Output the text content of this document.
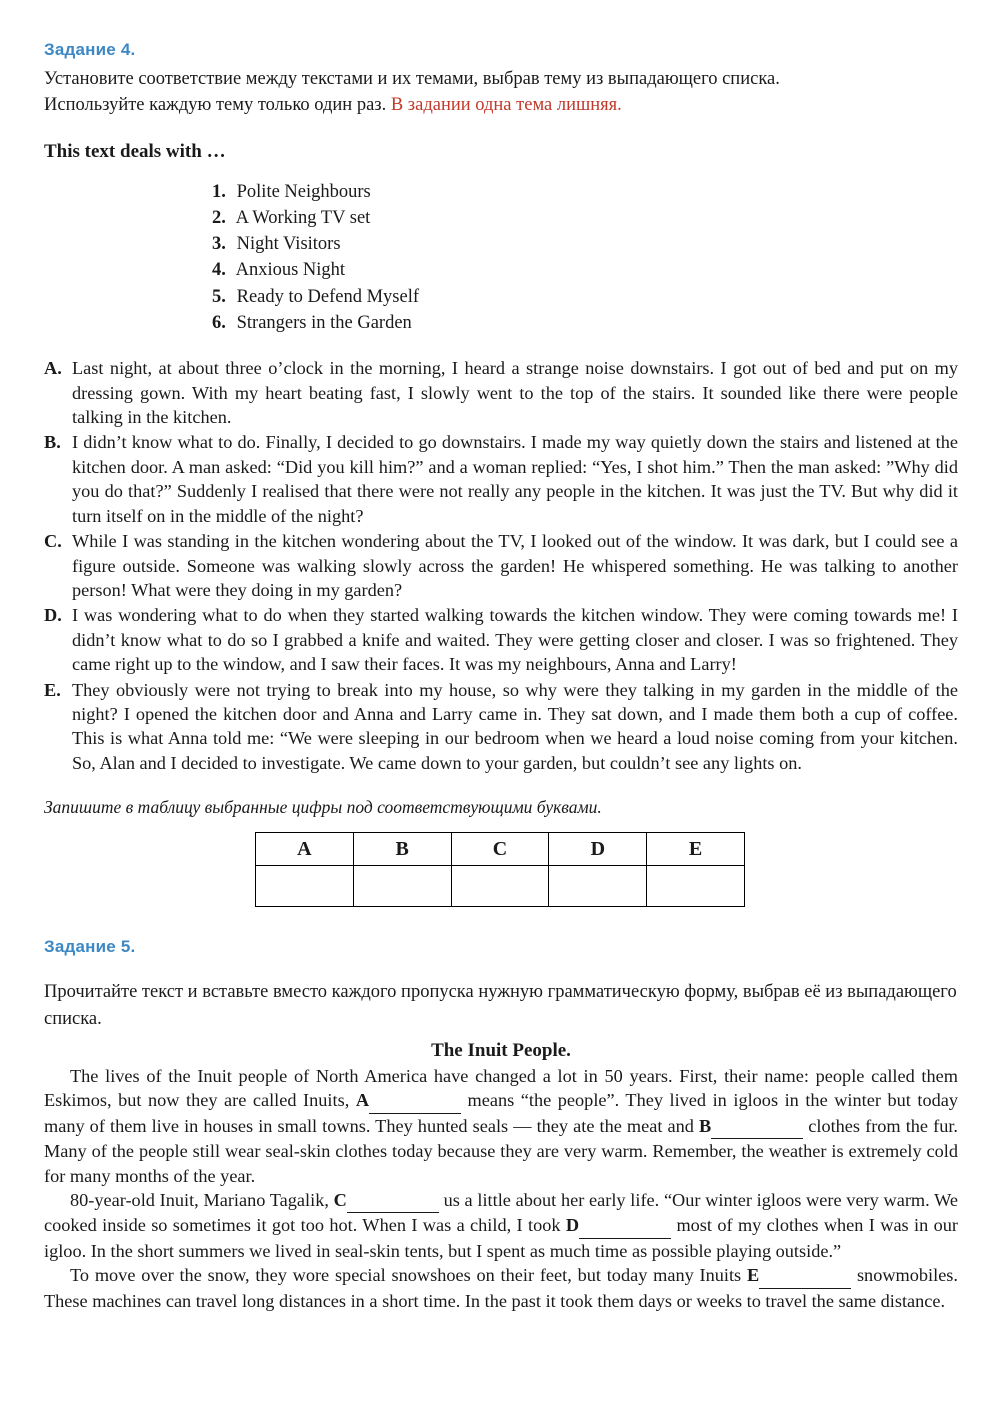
Задание 4.

Установите соответствие между текстами и их темами, выбрав тему из выпадающего списка.
Используйте каждую тему только один раз. В задании одна тема лишняя.

This text deals with …

1. Polite Neighbours
2. A Working TV set
3. Night Visitors
4. Anxious Night
5. Ready to Defend Myself
6. Strangers in the Garden
A. Last night, at about three o’clock in the morning, I heard a strange noise downstairs. I got out of bed and put on my dressing gown. With my heart beating fast, I slowly went to the top of the stairs. It sounded like there were people talking in the kitchen.
B. I didn’t know what to do. Finally, I decided to go downstairs. I made my way quietly down the stairs and listened at the kitchen door. A man asked: “Did you kill him?” and a woman replied: “Yes, I shot him.” Then the man asked: ”Why did you do that?” Suddenly I realised that there were not really any people in the kitchen. It was just the TV. But why did it turn itself on in the middle of the night?
C. While I was standing in the kitchen wondering about the TV, I looked out of the window. It was dark, but I could see a figure outside. Someone was walking slowly across the garden! He whispered something. He was talking to another person! What were they doing in my garden?
D. I was wondering what to do when they started walking towards the kitchen window. They were coming towards me! I didn’t know what to do so I grabbed a knife and waited. They were getting closer and closer. I was so frightened. They came right up to the window, and I saw their faces. It was my neighbours, Anna and Larry!
E. They obviously were not trying to break into my house, so why were they talking in my garden in the middle of the night? I opened the kitchen door and Anna and Larry came in. They sat down, and I made them both a cup of coffee. This is what Anna told me: “We were sleeping in our bedroom when we heard a loud noise coming from your kitchen. So, Alan and I decided to investigate. We came down to your garden, but couldn’t see any lights on.

Запишите в таблицу выбранные цифры под соответствующими буквами.

A	B	C	D	E

Задание 5.

Прочитайте текст и вставьте вместо каждого пропуска нужную грамматическую форму, выбрав её из выпадающего списка.

The Inuit People.

The lives of the Inuit people of North America have changed a lot in 50 years. First, their name: people called them Eskimos, but now they are called Inuits, A	means “the people”. They lived in igloos in the winter but today many of them live in houses in small towns. They hunted seals — they ate the meat and B	clothes from the fur. Many of the people still wear seal-skin clothes today because they are very warm. Remember, the weather is extremely cold for many months of the year.

80-year-old Inuit, Mariano Tagalik, C	us a little about her early life. “Our winter igloos were very warm. We cooked inside so sometimes it got too hot. When I was a child, I took D	most of my clothes when I was in our igloo. In the short summers we lived in seal-skin tents, but I spent as much time as possible playing outside.”

To move over the snow, they wore special snowshoes on their feet, but today many Inuits E	snowmobiles. These machines can travel long distances in a short time. In the past it took them days or weeks to travel the same distance.
